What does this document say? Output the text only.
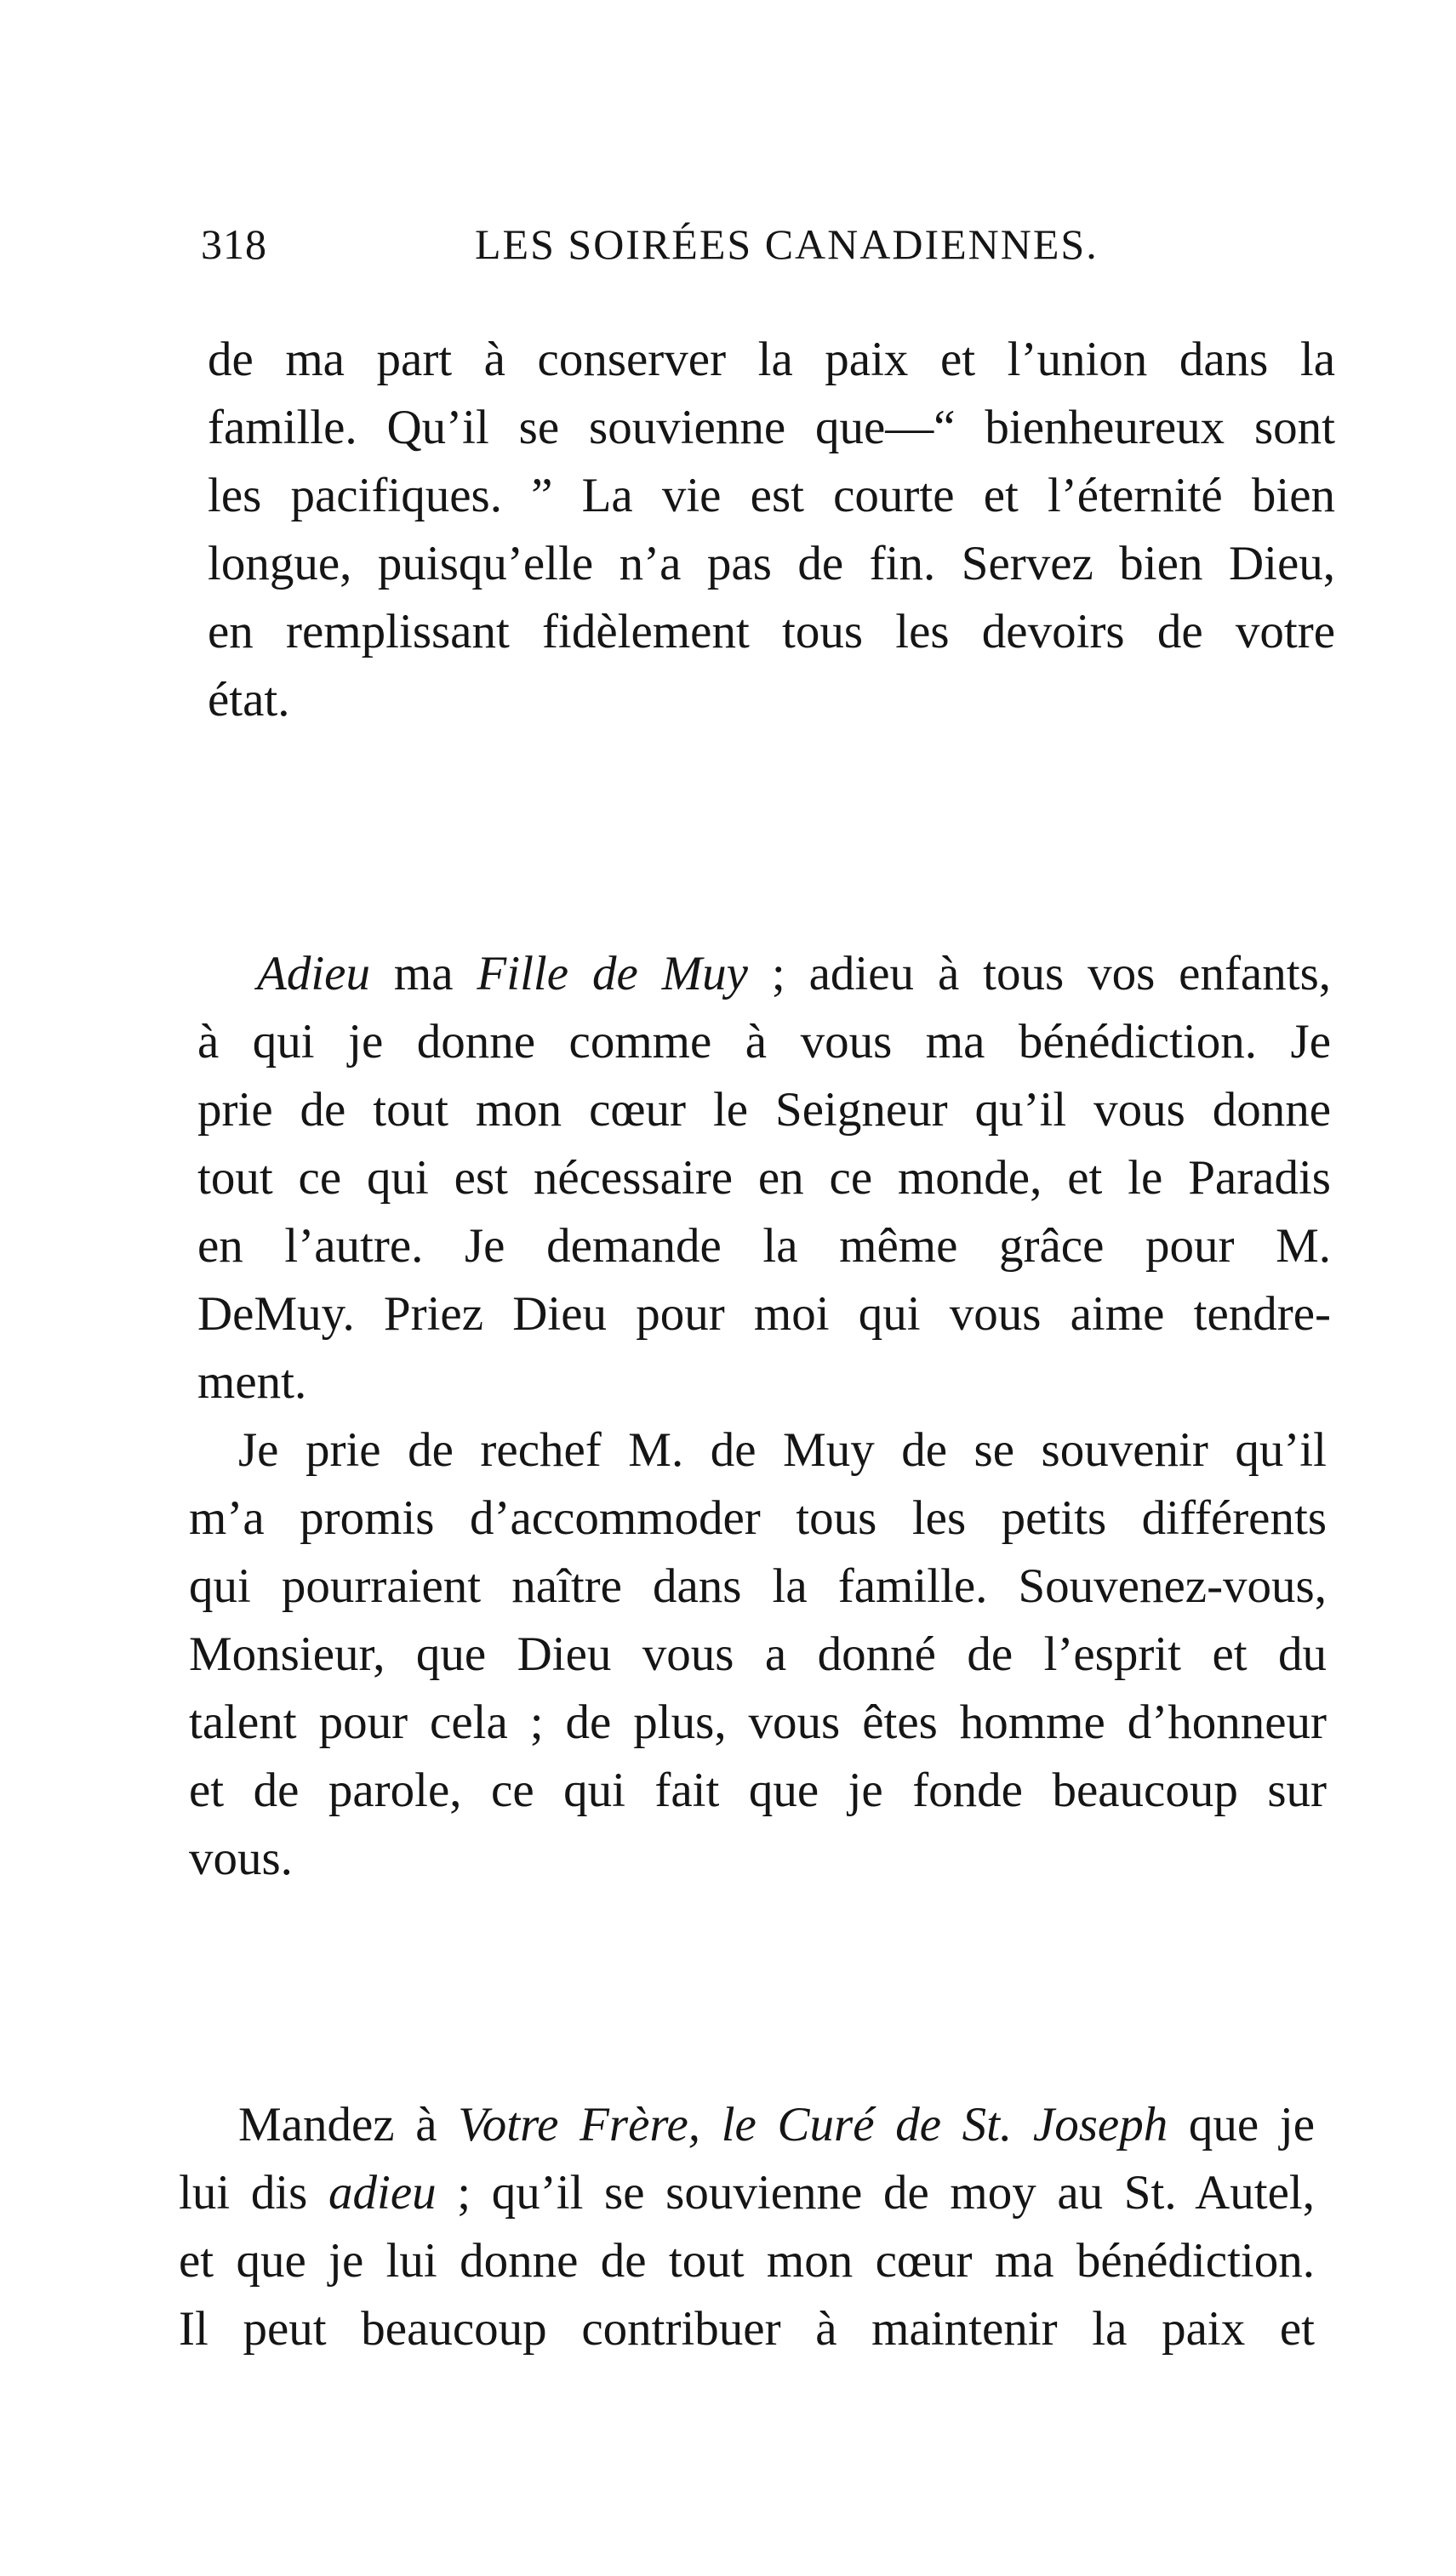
318	LES SOIRÉES CANADIENNES.
de ma part à conserver la paix et l’union dans la
famille. Qu’il se souvienne que—“ bienheureux sont
les pacifiques. ” La vie est courte et l’éternité bien
longue, puisqu’elle n’a pas de fin. Servez bien Dieu,
en remplissant fidèlement tous les devoirs de votre
état.
Adieu ma Fille de Muy ; adieu à tous vos enfants,
à qui je donne comme à vous ma bénédiction. Je
prie de tout mon cœur le Seigneur qu’il vous donne
tout ce qui est nécessaire en ce monde, et le Paradis
en l’autre. Je demande la même grâce pour M.
DeMuy. Priez Dieu pour moi qui vous aime tendre-
ment.
Je prie de rechef M. de Muy de se souvenir qu’il
m’a promis d’accommoder tous les petits différents
qui pourraient naître dans la famille. Souvenez-vous,
Monsieur, que Dieu vous a donné de l’esprit et du
talent pour cela ; de plus, vous êtes homme d’honneur
et de parole, ce qui fait que je fonde beaucoup sur
vous.
Mandez à Votre Frère, le Curé de St. Joseph que je
lui dis adieu ; qu’il se souvienne de moy au St. Autel,
et que je lui donne de tout mon cœur ma bénédiction.
Il peut beaucoup contribuer à maintenir la paix et
